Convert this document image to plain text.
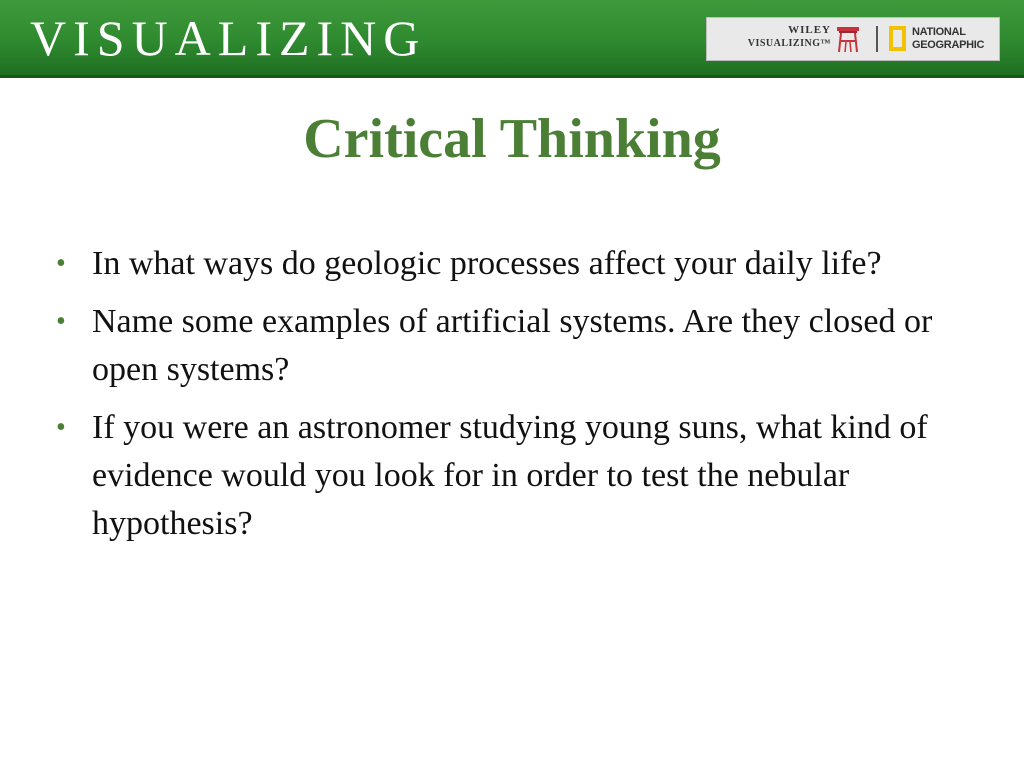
VISUALIZING	WILEY
VISUALIZING™
NATIONAL
GEOGRAPHIC
Critical Thinking
• In what ways do geologic processes affect your daily life?
• Name some examples of artificial systems. Are they closed or open systems?
• If you were an astronomer studying young suns, what kind of evidence would you look for in order to test the nebular hypothesis?
